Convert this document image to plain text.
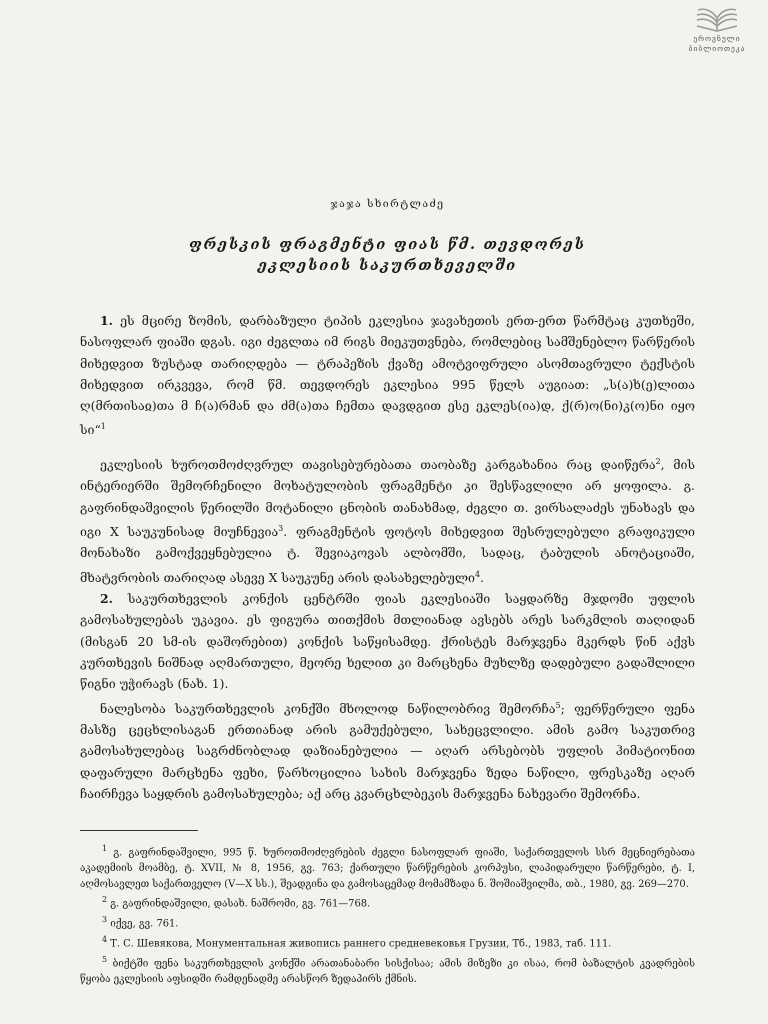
ეროვნული
ბიბლიოთეკა
ჯაჯა სხირტლაძე
ფრესკის ფრაგმენტი ფიას წმ. თევდორეს
ეკლესიის საკურთხეველში

1. ეს მცირე ზომის, დარბაზული ტიპის ეკლესია ჯავახეთის ერთ-ერთ წარმტაც კუთხეში, ნასოფლარ ფიაში დგას. იგი ძეგლთა იმ რიგს მიეკუთვნება, რომლებიც სამშენებლო წარწერის მიხედვით ზუსტად თარიღდება — ტრაპეზის ქვაზე ამოტვიფრული ასომთავრული ტექსტის მიხედვით ირკვევა, რომ წმ. თევდორეს ეკლესია 995 წელს აუგიათ: „ს(ა)ხ(ე)ლითა ღ(მრთისაჲ)თა მ ჩ(ა)რმან და ძმ(ა)თა ჩემთა დავდგით ესე ეკლეს(ია)დ, ქ(რ)ო(ნი)კ(ო)ნი იყო სი“$^1$

ეკლესიის ხუროთმოძღვრულ თავისებურებათა თაობაზე კარგახანია რაც დაიწერა$^2$, მის ინტერიერში შემორჩენილი მოხატულობის ფრაგმენტი კი შესწავლილი არ ყოფილა. გ. გაფრინდაშვილის წერილში მოტანილი ცნობის თანახმად, ძეგლი თ. ვირსალაძეს უნახავს და იგი X საუკუნისად მიუჩნევია$^3$. ფრაგმენტის ფოტოს მიხედვით შესრულებული გრაფიკული მონახაზი გამოქვეყნებულია ტ. შევიაკოვას ალბომში, სადაც, ტაბულის ანოტაციაში, მხატვრობის თარიღად ასევე X საუკუნე არის დასახელებული$^4$.

2. საკურთხევლის კონქის ცენტრში ფიას ეკლესიაში საყდარზე მჯდომი უფლის გამოსახულებას უკავია. ეს ფიგურა თითქმის მთლიანად ავსებს არეს სარკმლის თაღიდან (მისგან 20 სმ-ის დაშორებით) კონქის საწყისამდე. ქრისტეს მარჯვენა მკერდს წინ აქვს კურთხევის ნიშნად აღმართული, მეორე ხელით კი მარცხენა მუხლზე დადებული გადაშლილი წიგნი უჭირავს (ნახ. 1).

ნალესობა საკურთხევლის კონქში მხოლოდ ნაწილობრივ შემორჩა$^5$; ფერწერული ფენა მასზე ცეცხლისაგან ერთიანად არის გამუქებული, სახეცვლილი. ამის გამო საკუთრივ გამოსახულებაც საგრძნობლად დაზიანებულია — აღარ არსებობს უფლის ჰიმატიონით დაფარული მარცხენა ფეხი, წარხოცილია სახის მარჯვენა ზედა ნაწილი, ფრესკაზე აღარ ჩაირჩევა საყდრის გამოსახულება; აქ არც კვარცხლბეკის მარჯვენა ნახევარი შემორჩა.

$^1$ გ. გაფრინდაშვილი, 995 წ. ხუროთმოძღვრების ძეგლი ნასოფლარ ფიაში, საქართველოს სსრ მეცნიერებათა აკადემიის მოამბე, ტ. XVII, № 8, 1956, გვ. 763; ქართული წარწერების კორპუსი, ლაპიდარული წარწერები, ტ. I, აღმოსავლეთ საქართველო (V—X სს.), შეადგინა და გამოსაცემად მომამზადა ნ. შოშიაშვილმა, თბ., 1980, გვ. 269—270.

$^2$ გ. გაფრინდაშვილი, დასახ. ნაშრომი, გვ. 761—768.

$^3$ იქვე, გვ. 761.

$^4$ Т. С. Шевякова, Монументальная живопись раннего средневековья Грузии, Тб., 1983, таб. 111.

$^5$ ბიქტში ფენა საკურთხევლის კონქში არათანაბარი სისქისაა; ამის მიზეზი კი ისაა, რომ ბაზალტის კვადრების წყობა ეკლესიის აფსიდში რამდენადმე არასწორ ზედაპირს ქმნის.
